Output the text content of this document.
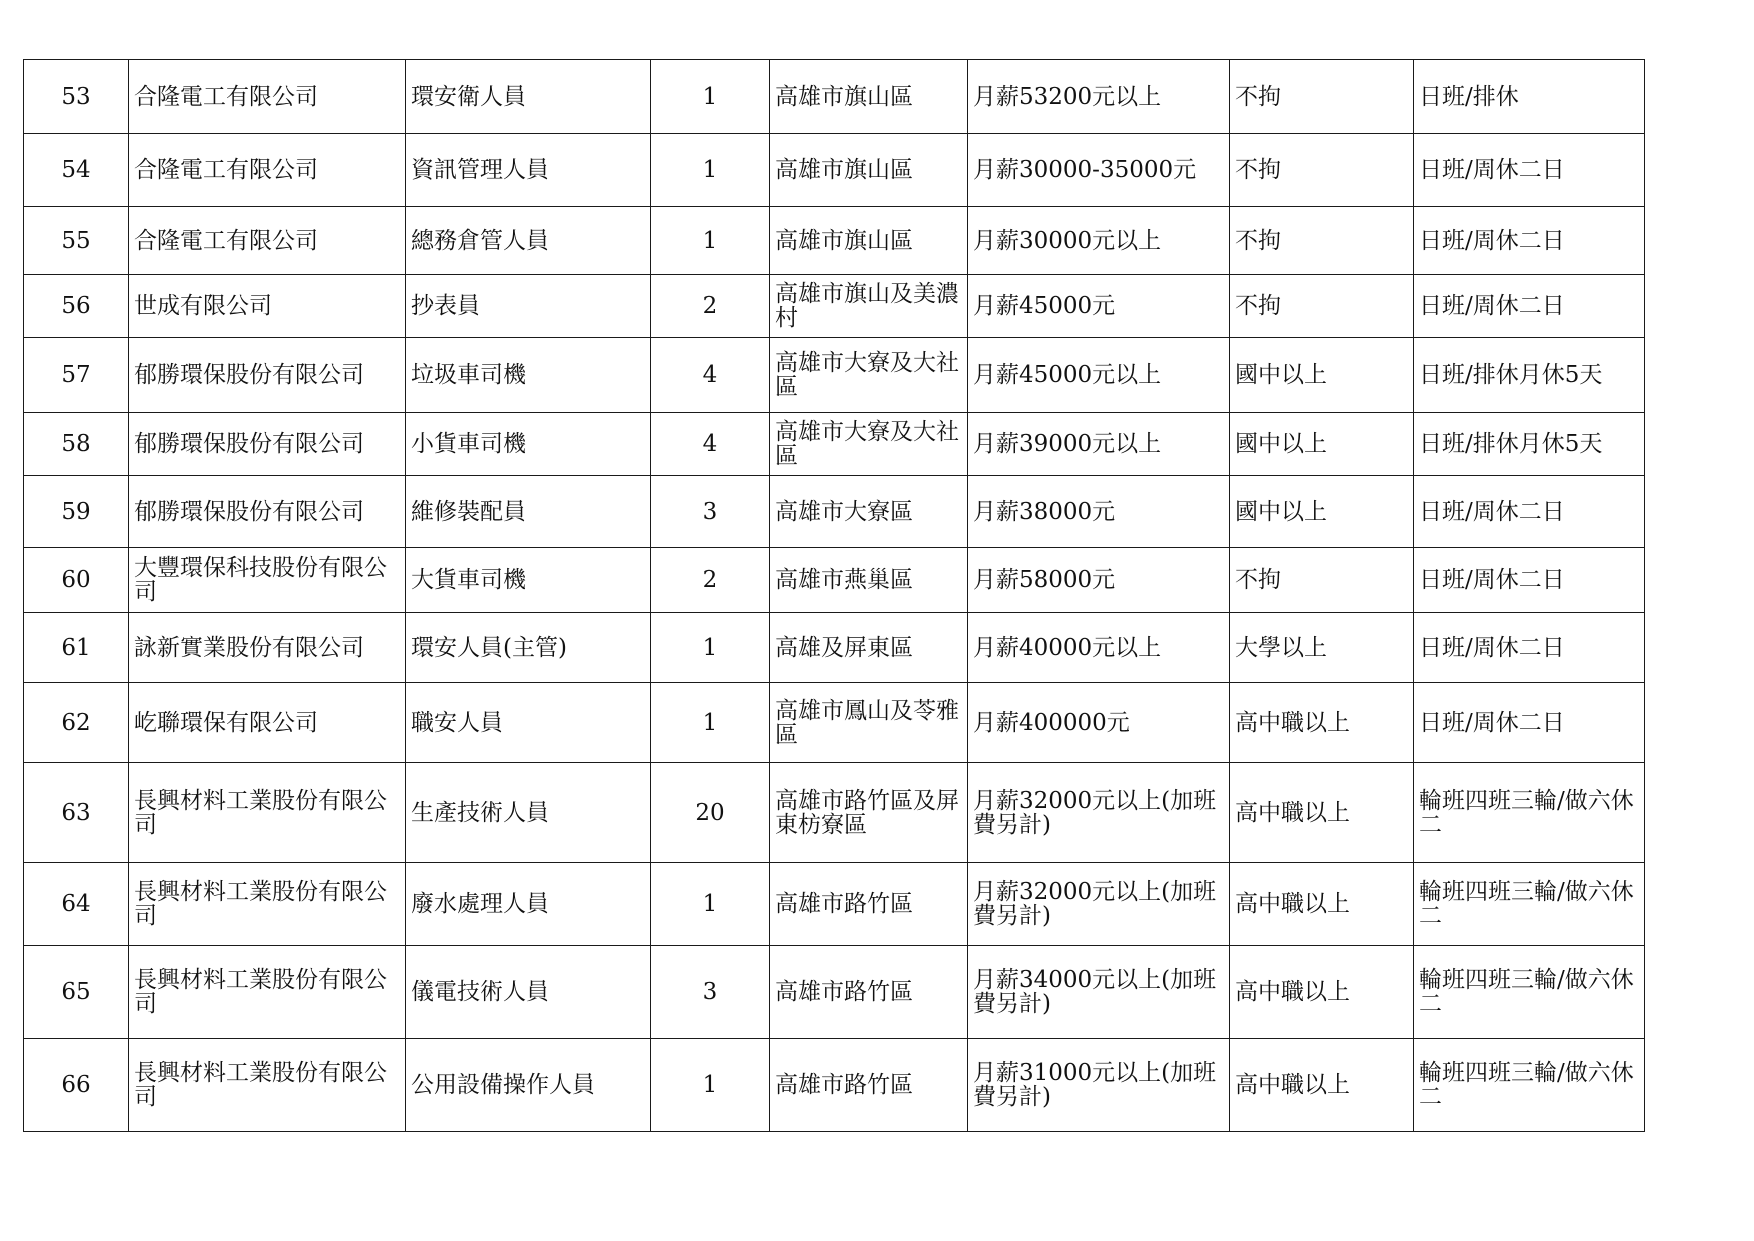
53	合隆電工有限公司	環安衛人員	1	高雄市旗山區	月薪53200元以上	不拘	日班/排休
54	合隆電工有限公司	資訊管理人員	1	高雄市旗山區	月薪30000-35000元	不拘	日班/周休二日
55	合隆電工有限公司	總務倉管人員	1	高雄市旗山區	月薪30000元以上	不拘	日班/周休二日
56	世成有限公司	抄表員	2	高雄市旗山及美濃村	月薪45000元	不拘	日班/周休二日
57	郁勝環保股份有限公司	垃圾車司機	4	高雄市大寮及大社區	月薪45000元以上	國中以上	日班/排休月休5天
58	郁勝環保股份有限公司	小貨車司機	4	高雄市大寮及大社區	月薪39000元以上	國中以上	日班/排休月休5天
59	郁勝環保股份有限公司	維修裝配員	3	高雄市大寮區	月薪38000元	國中以上	日班/周休二日
60	大豐環保科技股份有限公司	大貨車司機	2	高雄市燕巢區	月薪58000元	不拘	日班/周休二日
61	詠新實業股份有限公司	環安人員(主管)	1	高雄及屏東區	月薪40000元以上	大學以上	日班/周休二日
62	屹聯環保有限公司	職安人員	1	高雄市鳳山及苓雅區	月薪400000元	高中職以上	日班/周休二日
63	長興材料工業股份有限公司	生產技術人員	20	高雄市路竹區及屏東枋寮區	月薪32000元以上(加班費另計)	高中職以上	輪班四班三輪/做六休二
64	長興材料工業股份有限公司	廢水處理人員	1	高雄市路竹區	月薪32000元以上(加班費另計)	高中職以上	輪班四班三輪/做六休二
65	長興材料工業股份有限公司	儀電技術人員	3	高雄市路竹區	月薪34000元以上(加班費另計)	高中職以上	輪班四班三輪/做六休二
66	長興材料工業股份有限公司	公用設備操作人員	1	高雄市路竹區	月薪31000元以上(加班費另計)	高中職以上	輪班四班三輪/做六休二
